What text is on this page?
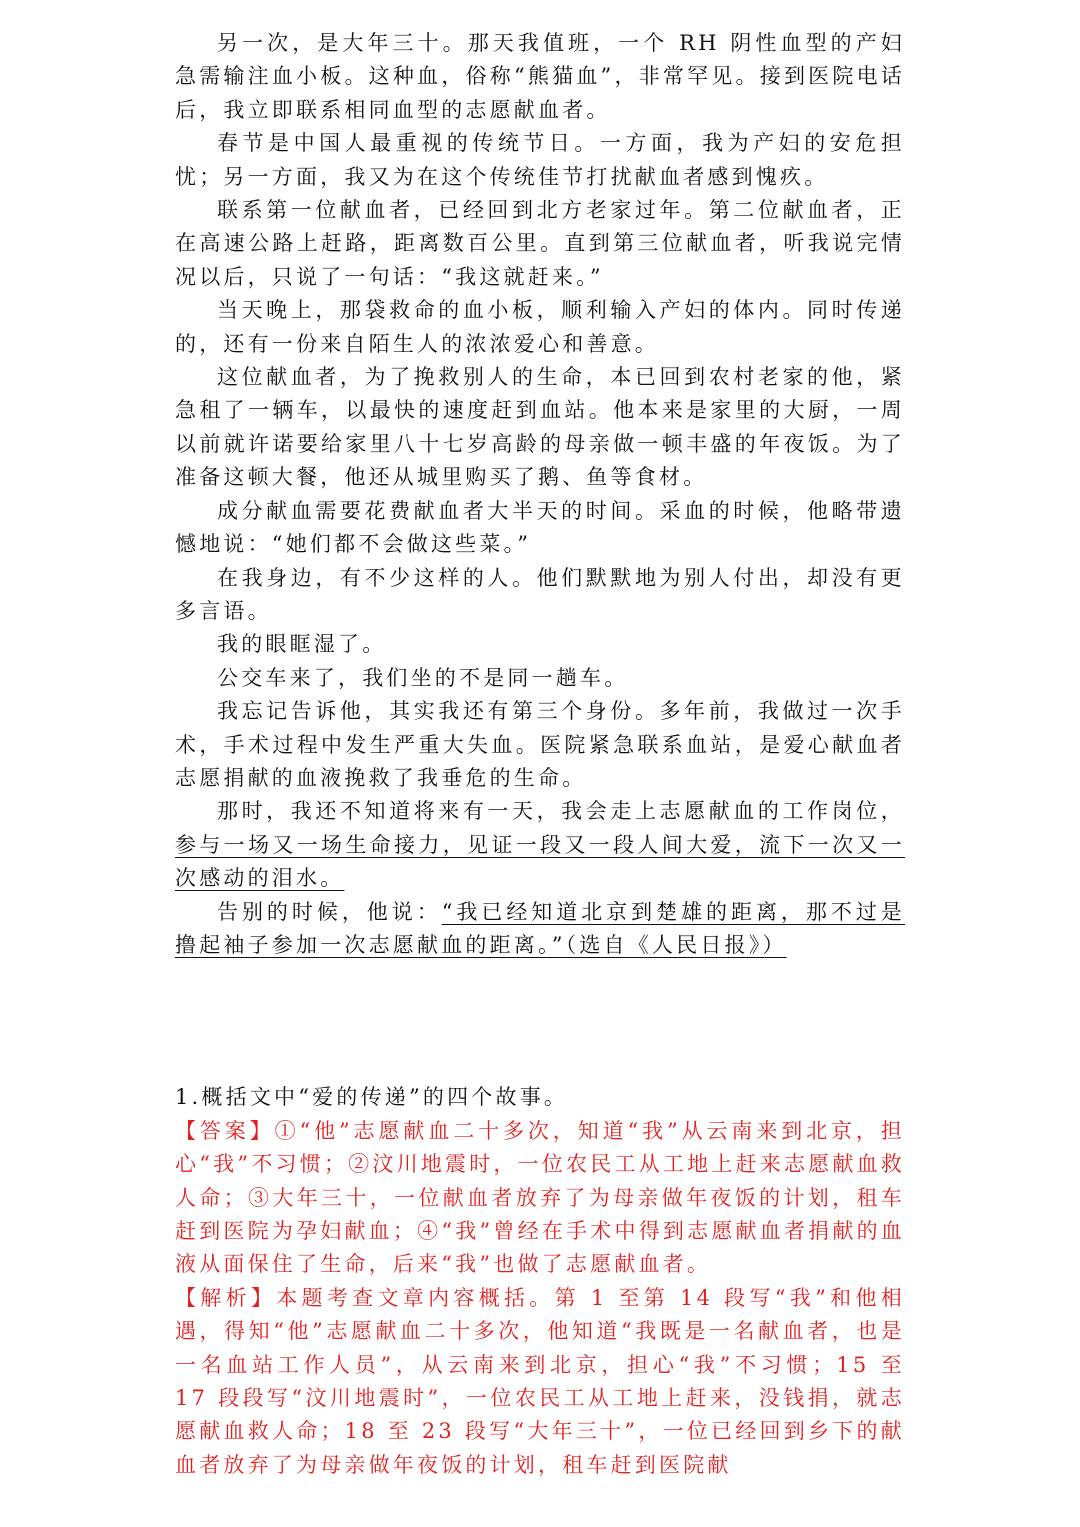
另一次，是大年三十。那天我值班，一个 RH 阴性血型的产妇急需输注血小板。这种血，俗称“熊猫血”，非常罕见。接到医院电话后，我立即联系相同血型的志愿献血者。

春节是中国人最重视的传统节日。一方面，我为产妇的安危担忧；另一方面，我又为在这个传统佳节打扰献血者感到愧疚。

联系第一位献血者，已经回到北方老家过年。第二位献血者，正在高速公路上赶路，距离数百公里。直到第三位献血者，听我说完情况以后，只说了一句话：“我这就赶来。”

当天晚上，那袋救命的血小板，顺利输入产妇的体内。同时传递的，还有一份来自陌生人的浓浓爱心和善意。

这位献血者，为了挽救别人的生命，本已回到农村老家的他，紧急租了一辆车，以最快的速度赶到血站。他本来是家里的大厨，一周以前就许诺要给家里八十七岁高龄的母亲做一顿丰盛的年夜饭。为了准备这顿大餐，他还从城里购买了鹅、鱼等食材。

成分献血需要花费献血者大半天的时间。采血的时候，他略带遗憾地说：“她们都不会做这些菜。”

在我身边，有不少这样的人。他们默默地为别人付出，却没有更多言语。

我的眼眶湿了。

公交车来了，我们坐的不是同一趟车。

我忘记告诉他，其实我还有第三个身份。多年前，我做过一次手术，手术过程中发生严重大失血。医院紧急联系血站，是爱心献血者志愿捐献的血液挽救了我垂危的生命。

那时，我还不知道将来有一天，我会走上志愿献血的工作岗位，参与一场又一场生命接力，见证一段又一段人间大爱，流下一次又一次感动的泪水。

告别的时候，他说：“我已经知道北京到楚雄的距离，那不过是撸起袖子参加一次志愿献血的距离。”（选自《人民日报》）

1.概括文中“爱的传递”的四个故事。

【答案】①“他”志愿献血二十多次，知道“我”从云南来到北京，担心“我”不习惯；②汶川地震时，一位农民工从工地上赶来志愿献血救人命；③大年三十，一位献血者放弃了为母亲做年夜饭的计划，租车赶到医院为孕妇献血；④“我”曾经在手术中得到志愿献血者捐献的血液从面保住了生命，后来“我”也做了志愿献血者。

【解析】本题考查文章内容概括。第 1 至第 14 段写“我”和他相遇，得知“他”志愿献血二十多次，他知道“我既是一名献血者，也是一名血站工作人员”，从云南来到北京，担心“我”不习惯；15 至 17 段段写“汶川地震时”，一位农民工从工地上赶来，没钱捐，就志愿献血救人命；18 至 23 段写“大年三十”，一位已经回到乡下的献血者放弃了为母亲做年夜饭的计划，租车赶到医院献
